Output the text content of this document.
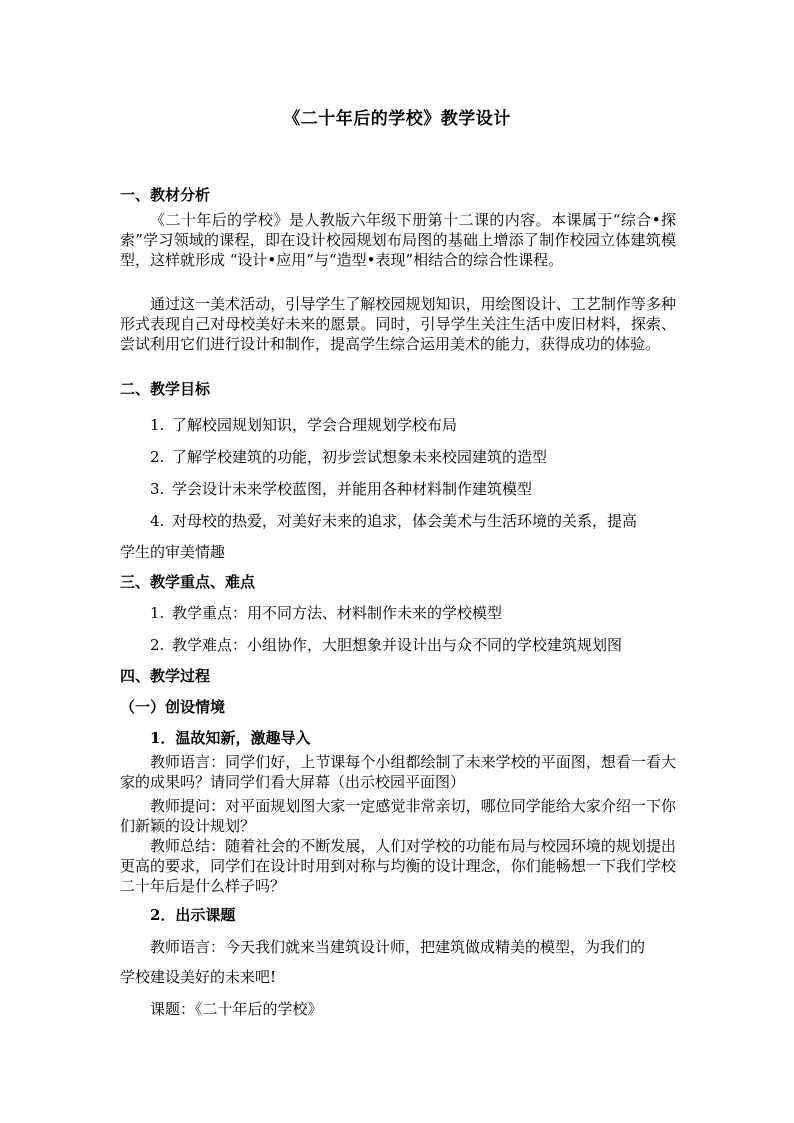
《二十年后的学校》教学设计
一、教材分析
《二十年后的学校》是人教版六年级下册第十二课的内容。本课属于“综合•探索”学习领域的课程，即在设计校园规划布局图的基础上增添了制作校园立体建筑模型，这样就形成 “设计•应用”与“造型•表现”相结合的综合性课程。
通过这一美术活动，引导学生了解校园规划知识，用绘图设计、工艺制作等多种形式表现自己对母校美好未来的愿景。同时，引导学生关注生活中废旧材料，探索、尝试利用它们进行设计和制作，提高学生综合运用美术的能力，获得成功的体验。
二、教学目标
1. 了解校园规划知识，学会合理规划学校布局
2. 了解学校建筑的功能，初步尝试想象未来校园建筑的造型
3. 学会设计未来学校蓝图，并能用各种材料制作建筑模型
4. 对母校的热爱，对美好未来的追求，体会美术与生活环境的关系，提高
学生的审美情趣
三、教学重点、难点
1. 教学重点：用不同方法、材料制作未来的学校模型
2. 教学难点：小组协作，大胆想象并设计出与众不同的学校建筑规划图
四、教学过程
（一）创设情境
1．温故知新，激趣导入
教师语言：同学们好，上节课每个小组都绘制了未来学校的平面图，想看一看大家的成果吗？请同学们看大屏幕（出示校园平面图）
教师提问：对平面规划图大家一定感觉非常亲切，哪位同学能给大家介绍一下你们新颖的设计规划？
教师总结：随着社会的不断发展，人们对学校的功能布局与校园环境的规划提出更高的要求，同学们在设计时用到对称与均衡的设计理念，你们能畅想一下我们学校二十年后是什么样子吗？
2．出示课题
教师语言：今天我们就来当建筑设计师，把建筑做成精美的模型，为我们的
学校建设美好的未来吧!
课题：《二十年后的学校》
